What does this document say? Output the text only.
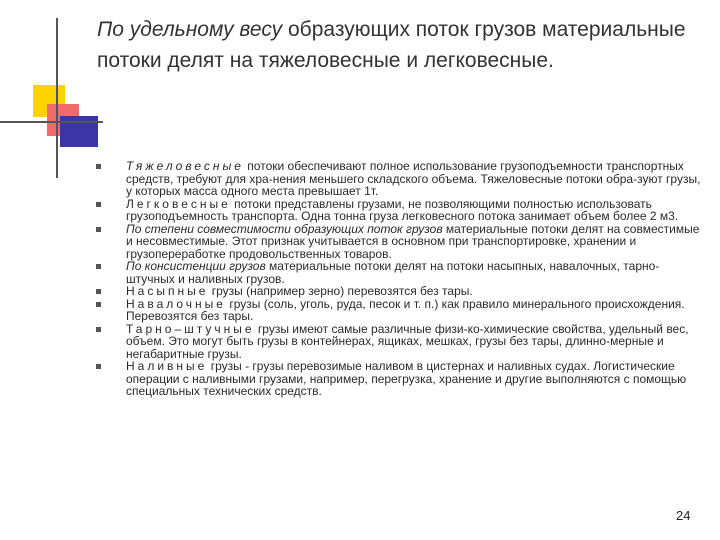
По удельному весу образующих поток грузов материальные потоки делят на тяжеловесные и легковесные.
Тяжеловесные потоки обеспечивают полное использование грузоподъемности транспортных средств, требуют для хра-нения меньшего складского объема. Тяжеловесные потоки обра-зуют грузы, у которых масса одного места превышает 1т.
Легковесные потоки представлены грузами, не позволяющими полностью использовать грузоподъемность транспорта. Одна тонна груза легковесного потока занимает объем более 2 м3.
По степени совместимости образующих поток грузов материальные потоки делят на совместимые и несовместимые. Этот признак учитывается в основном при транспортировке, хранении и грузопереработке продовольственных товаров.
По консистенции грузов материальные потоки делят на потоки насыпных, навалочных, тарно-штучных и наливных грузов.
Насыпные грузы (например зерно) перевозятся без тары.
Навалочные грузы (соль, уголь, руда, песок и т. п.) как правило минерального происхождения. Перевозятся без тары.
Тарно–штучные грузы имеют самые различные физи-ко-химические свойства, удельный вес, объем. Это могут быть грузы в контейнерах, ящиках, мешках, грузы без тары, длинно-мерные и негабаритные грузы.
Наливные грузы - грузы перевозимые наливом в цистернах и наливных судах. Логистические операции с наливными грузами, например, перегрузка, хранение и другие выполняются с помощью специальных технических средств.
24
